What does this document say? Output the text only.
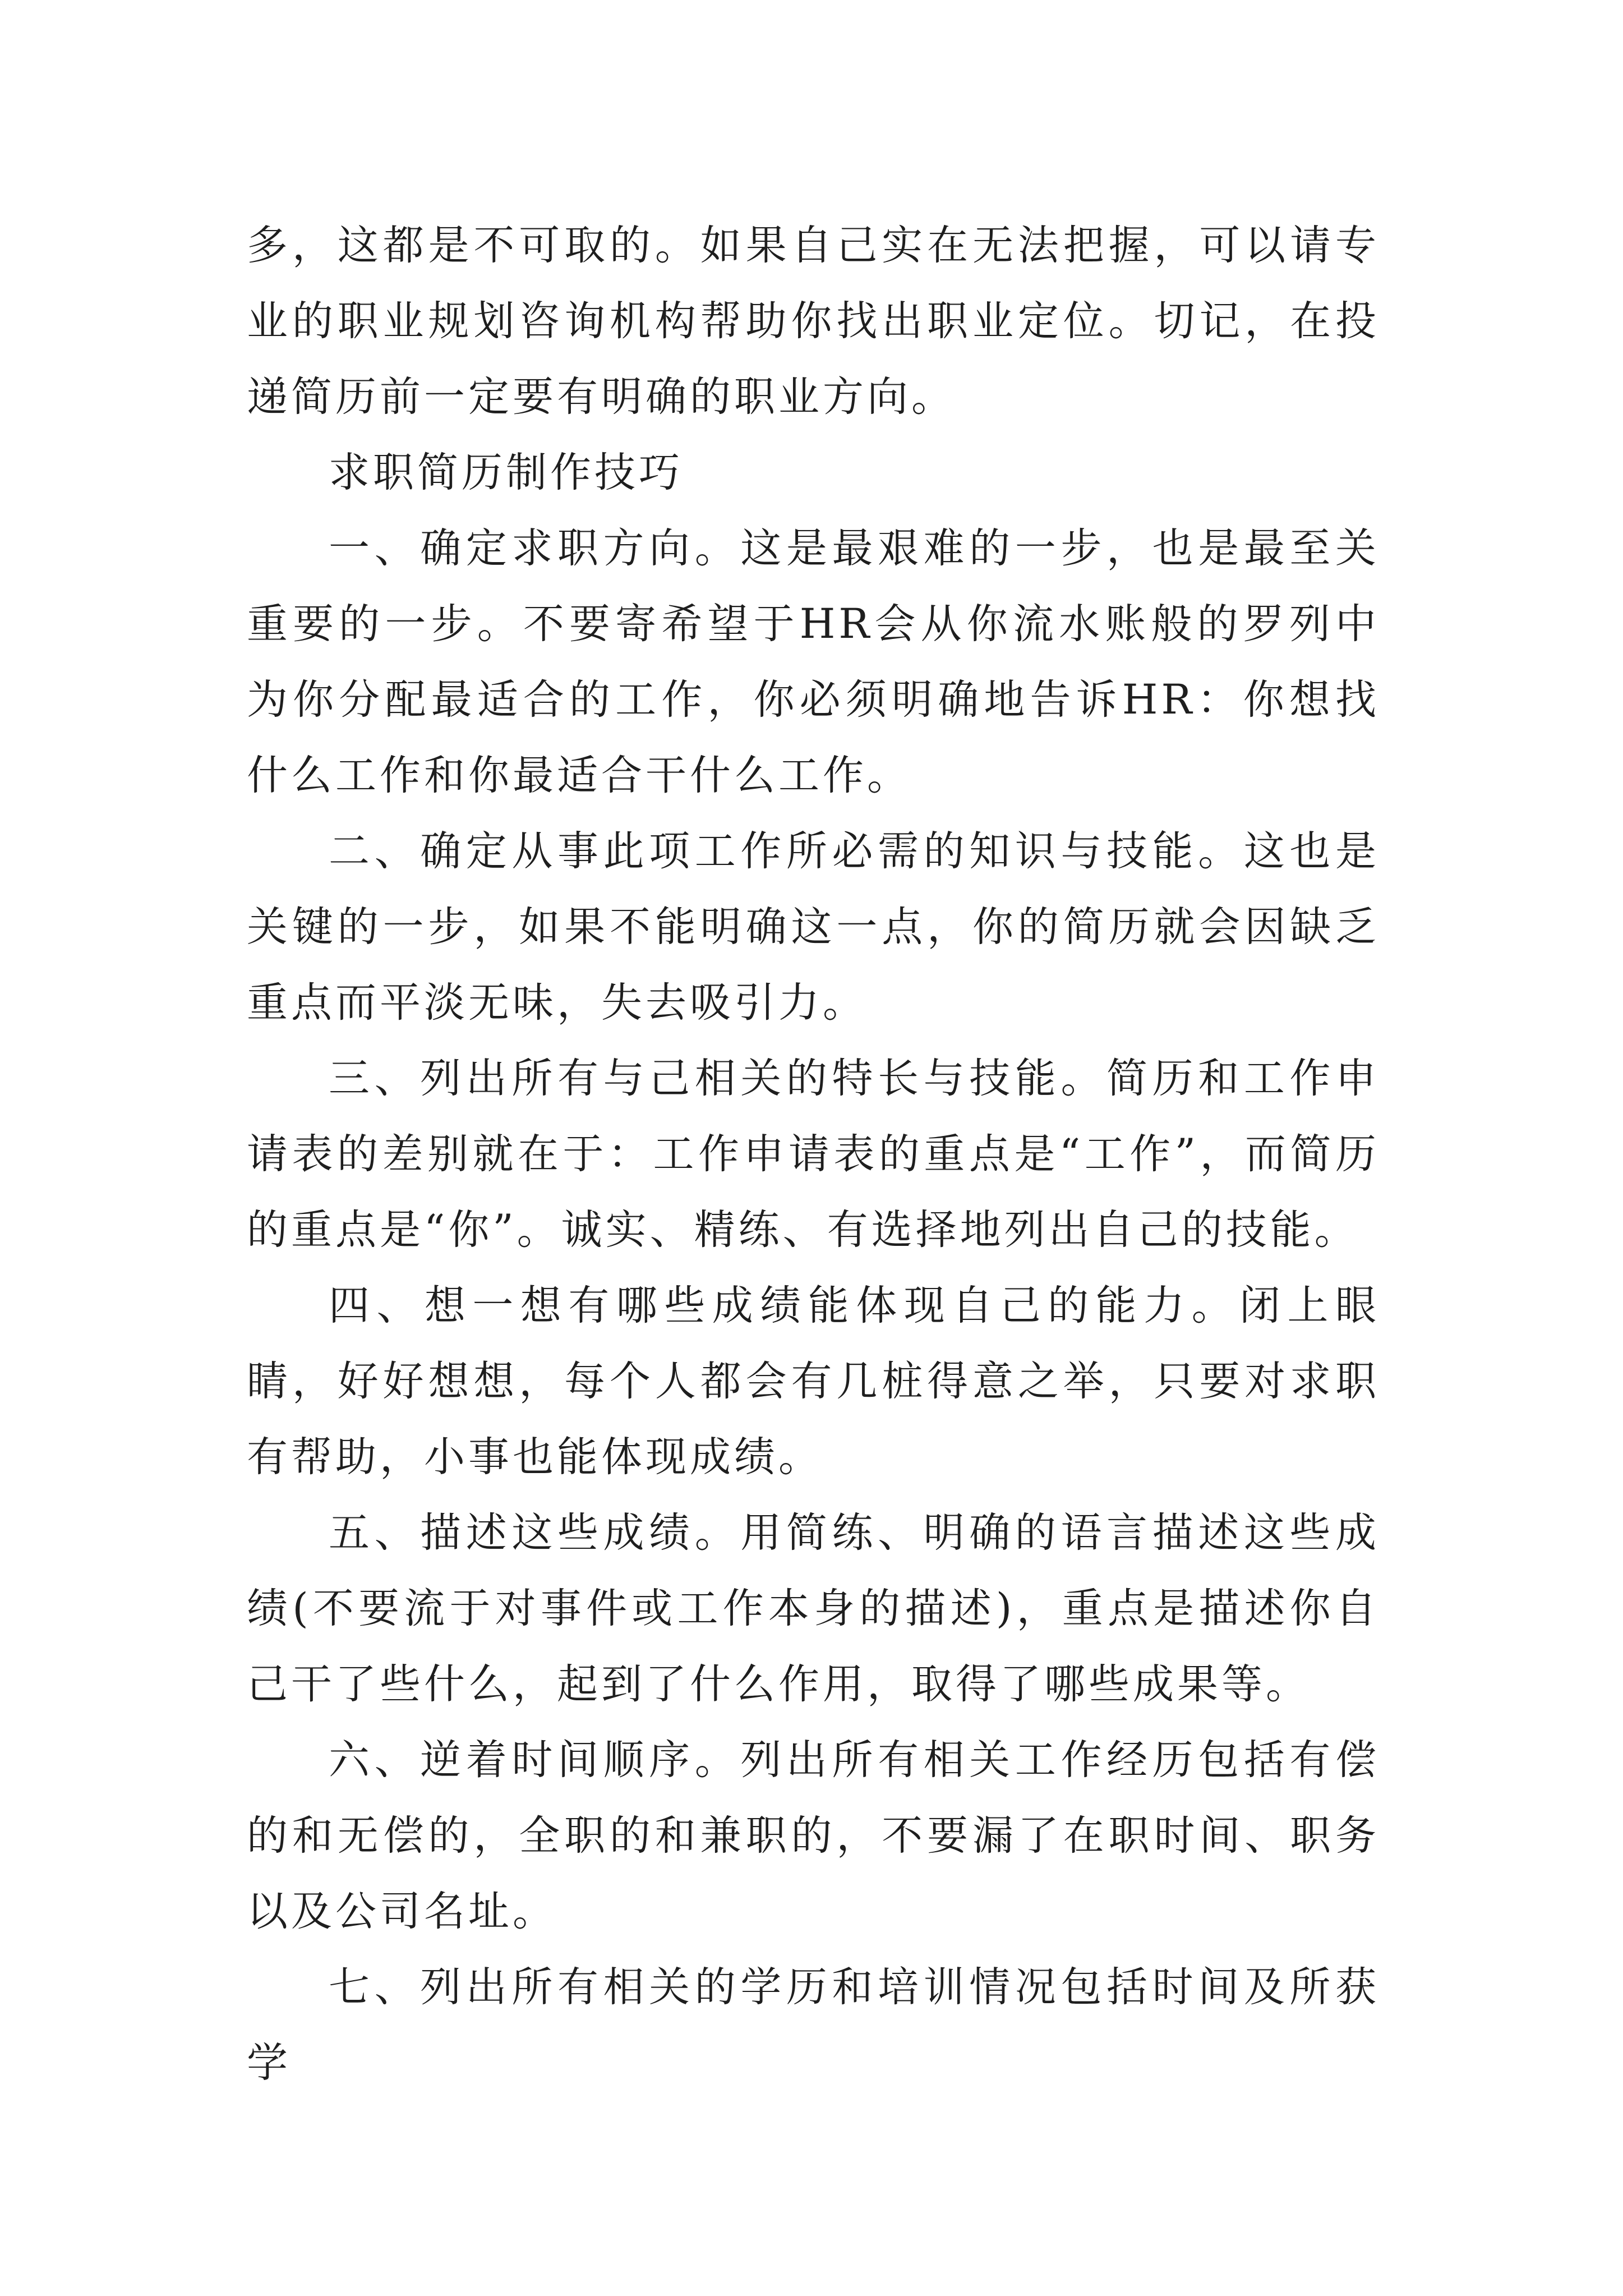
多，这都是不可取的。如果自己实在无法把握，可以请专业的职业规划咨询机构帮助你找出职业定位。切记，在投递简历前一定要有明确的职业方向。

求职简历制作技巧

一、确定求职方向。这是最艰难的一步，也是最至关重要的一步。不要寄希望于HR会从你流水账般的罗列中为你分配最适合的工作，你必须明确地告诉HR：你想找什么工作和你最适合干什么工作。

二、确定从事此项工作所必需的知识与技能。这也是关键的一步，如果不能明确这一点，你的简历就会因缺乏重点而平淡无味，失去吸引力。

三、列出所有与己相关的特长与技能。简历和工作申请表的差别就在于：工作申请表的重点是“工作”，而简历的重点是“你”。诚实、精练、有选择地列出自己的技能。

四、想一想有哪些成绩能体现自己的能力。闭上眼睛，好好想想，每个人都会有几桩得意之举，只要对求职有帮助，小事也能体现成绩。

五、描述这些成绩。用简练、明确的语言描述这些成绩(不要流于对事件或工作本身的描述)，重点是描述你自己干了些什么，起到了什么作用，取得了哪些成果等。

六、逆着时间顺序。列出所有相关工作经历包括有偿的和无偿的，全职的和兼职的，不要漏了在职时间、职务以及公司名址。

七、列出所有相关的学历和培训情况包括时间及所获学
